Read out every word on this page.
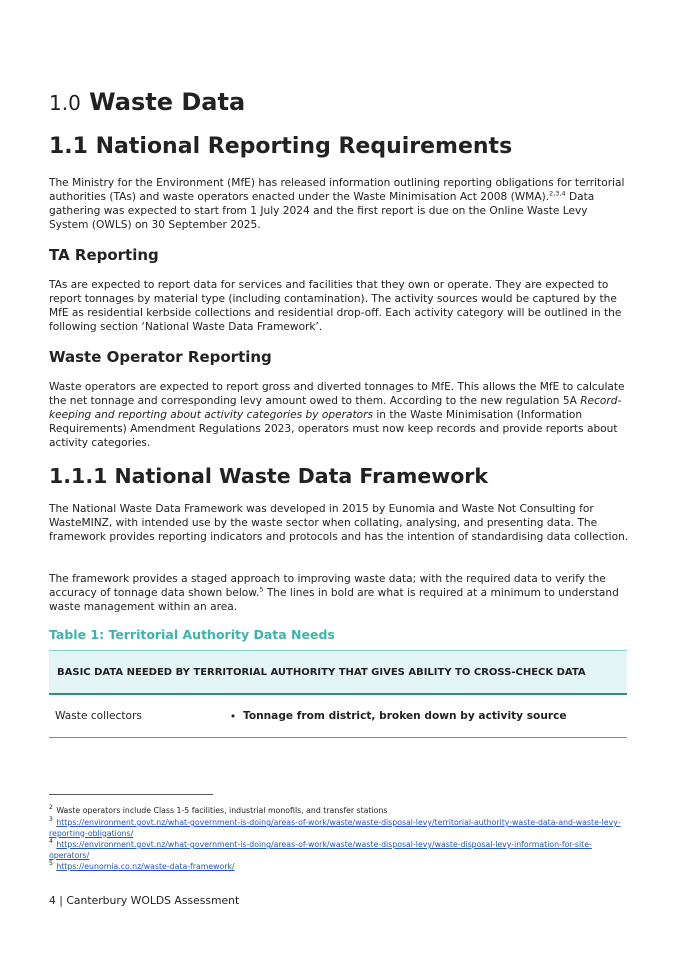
1.0 Waste Data
1.1 National Reporting Requirements

The Ministry for the Environment (MfE) has released information outlining reporting obligations for territorial authorities (TAs) and waste operators enacted under the Waste Minimisation Act 2008 (WMA).$^{2,3,4}$ Data gathering was expected to start from 1 July 2024 and the first report is due on the Online Waste Levy System (OWLS) on 30 September 2025.

TA Reporting

TAs are expected to report data for services and facilities that they own or operate. They are expected to report tonnages by material type (including contamination). The activity sources would be captured by the MfE as residential kerbside collections and residential drop-off. Each activity category will be outlined in the following section ‘National Waste Data Framework’.

Waste Operator Reporting

Waste operators are expected to report gross and diverted tonnages to MfE. This allows the MfE to calculate the net tonnage and corresponding levy amount owed to them. According to the new regulation 5A Record-keeping and reporting about activity categories by operators in the Waste Minimisation (Information Requirements) Amendment Regulations 2023, operators must now keep records and provide reports about activity categories.

1.1.1 National Waste Data Framework

The National Waste Data Framework was developed in 2015 by Eunomia and Waste Not Consulting for WasteMINZ, with intended use by the waste sector when collating, analysing, and presenting data. The framework provides reporting indicators and protocols and has the intention of standardising data collection.

The framework provides a staged approach to improving waste data; with the required data to verify the accuracy of tonnage data shown below.$^5$ The lines in bold are what is required at a minimum to understand waste management within an area.

Table 1: Territorial Authority Data Needs
BASIC DATA NEEDED BY TERRITORIAL AUTHORITY THAT GIVES ABILITY TO CROSS-CHECK DATA
Waste collectors	• Tonnage from district, broken down by activity source

$^2$ Waste operators include Class 1-5 facilities, industrial monofils, and transfer stations

$^3$ https://environment.govt.nz/what-government-is-doing/areas-of-work/waste/waste-disposal-levy/territorial-authority-waste-data-and-waste-levy-reporting-obligations/

$^4$ https://environment.govt.nz/what-government-is-doing/areas-of-work/waste/waste-disposal-levy/waste-disposal-levy-information-for-site-operators/

$^5$ https://eunomia.co.nz/waste-data-framework/

4 | Canterbury WOLDS Assessment
